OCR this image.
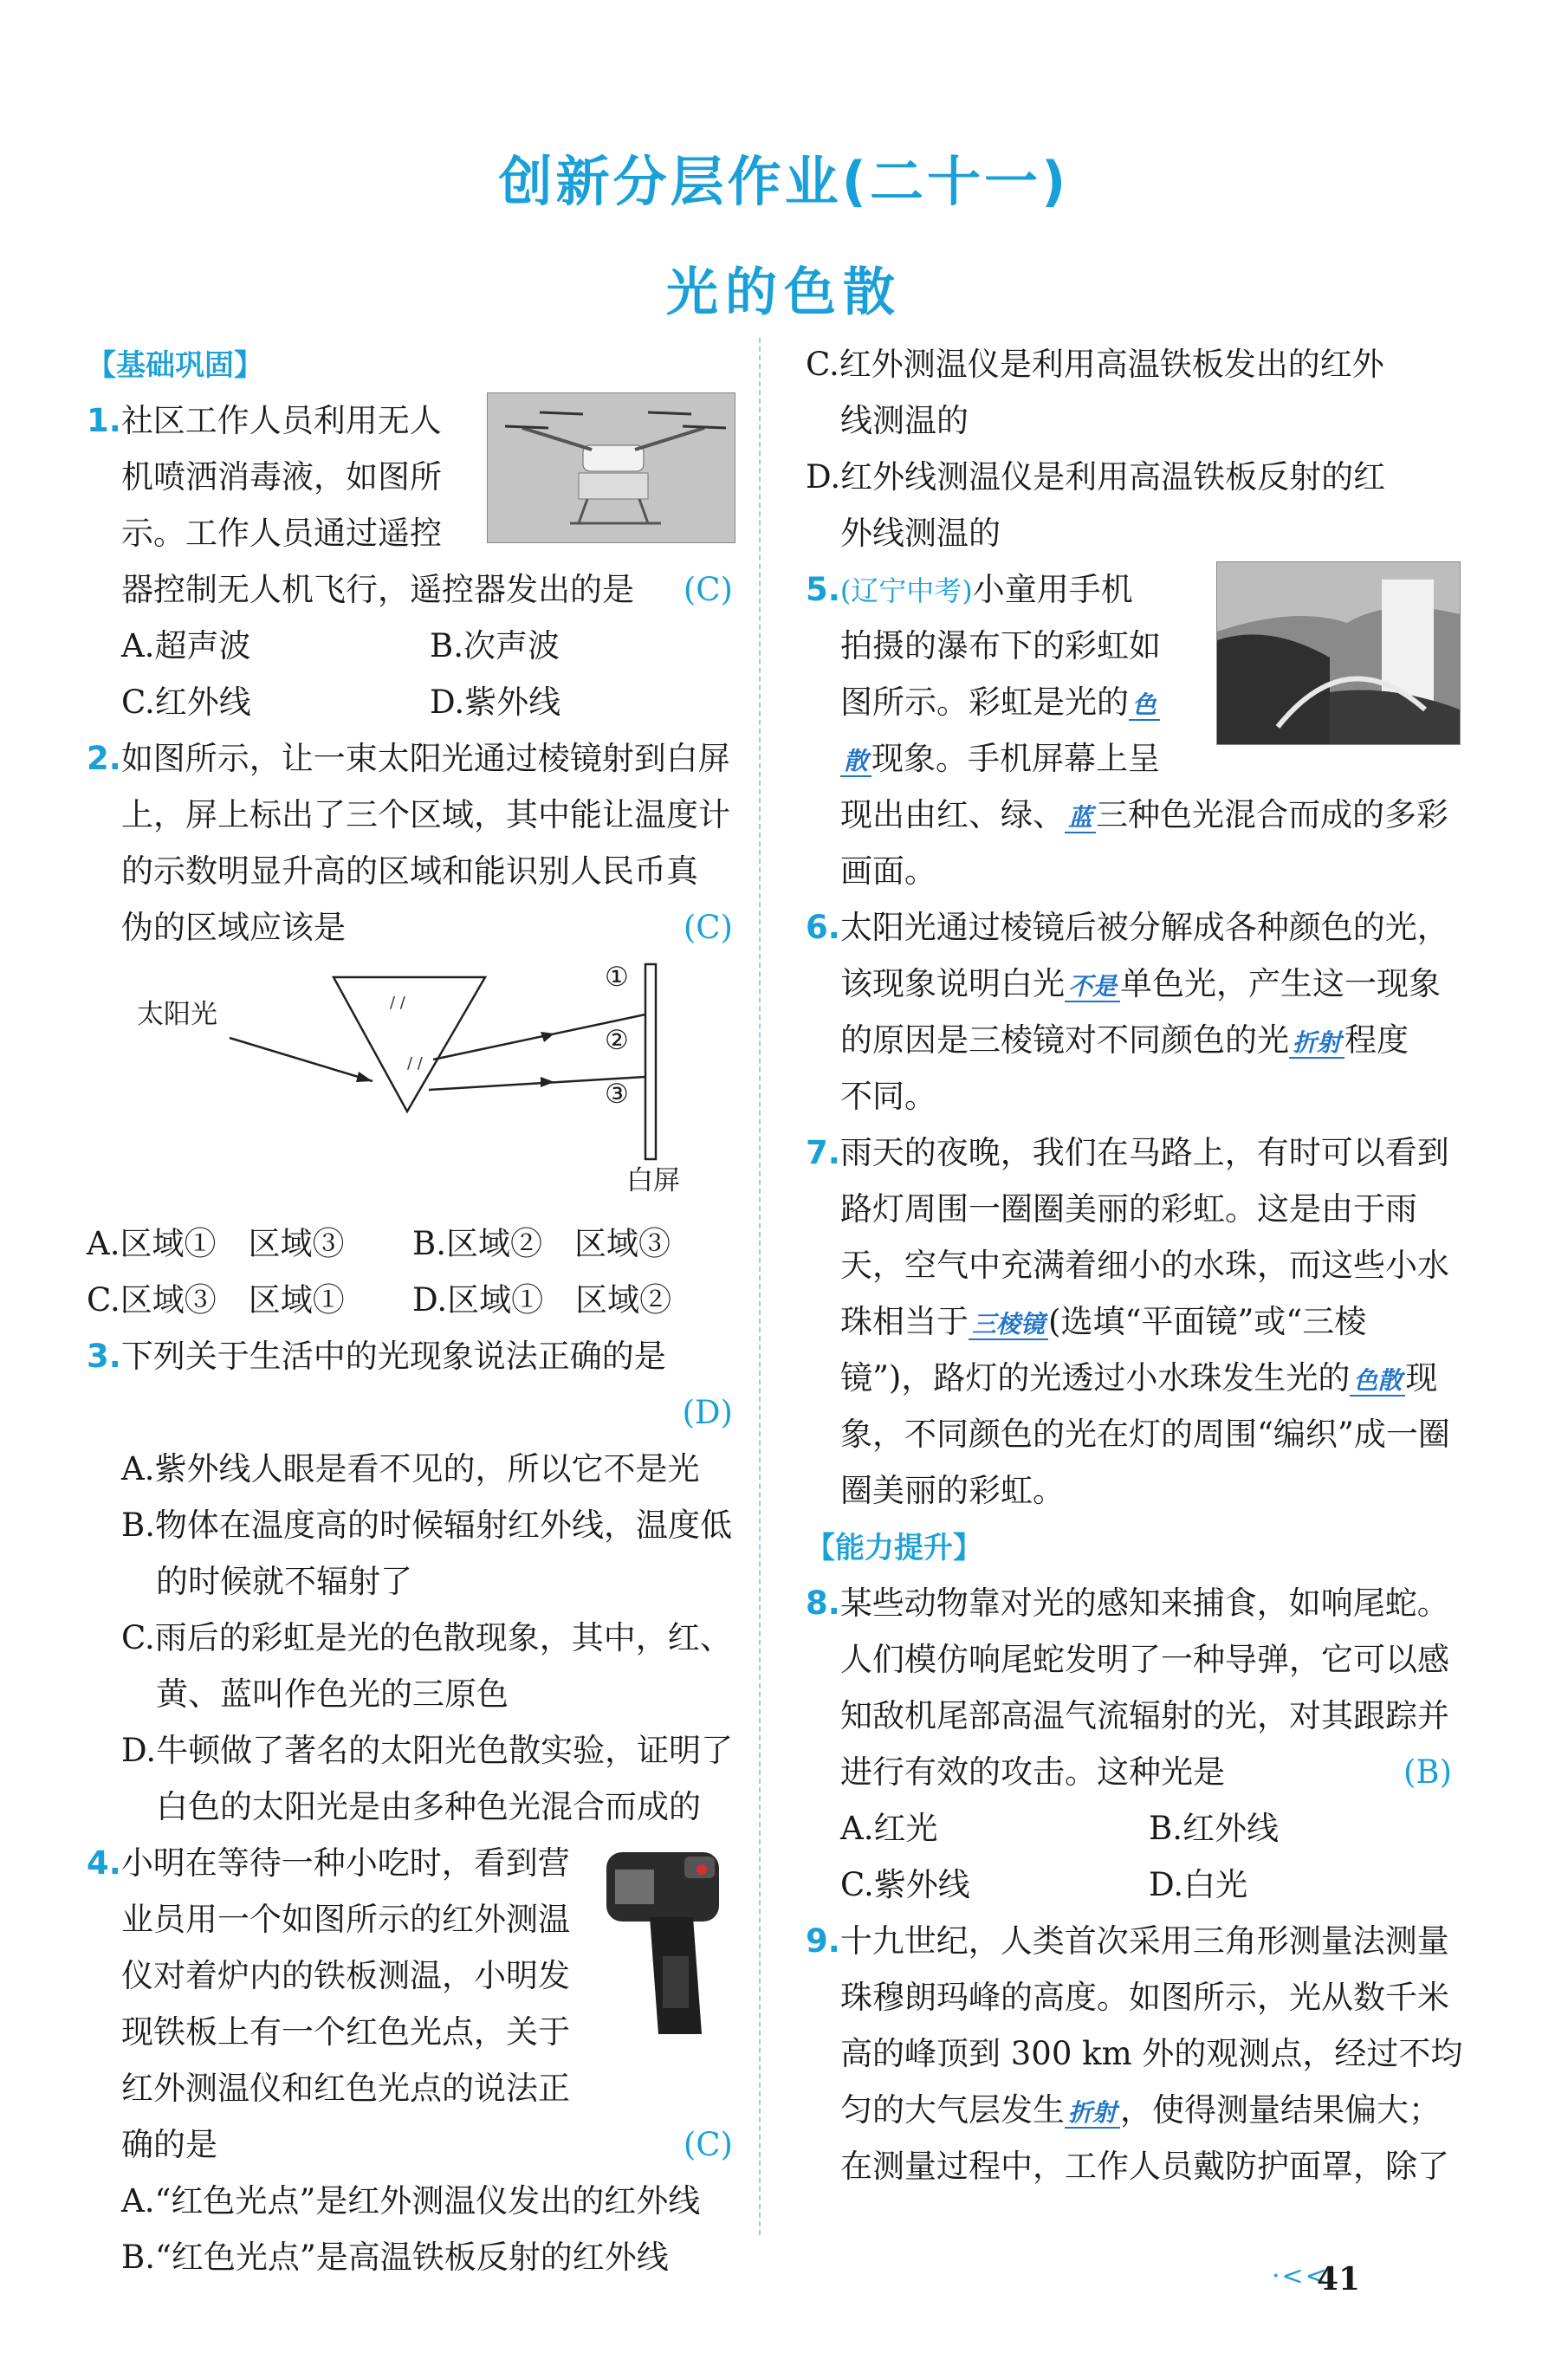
创新分层作业(二十一)
光的色散
【基础巩固】
1.社区工作人员利用无人
机喷洒消毒液，如图所
示。工作人员通过遥控
器控制无人机飞行，遥控器发出的是 (C)
A.超声波	B.次声波
C.红外线	D.紫外线
2.如图所示，让一束太阳光通过棱镜射到白屏
上，屏上标出了三个区域，其中能让温度计
的示数明显升高的区域和能识别人民币真
伪的区域应该是	(C)
/ /
/ /
太阳光
①
②
③
白屏
A.区域①　区域③	B.区域②　区域③
C.区域③　区域①	D.区域①　区域②
3.下列关于生活中的光现象说法正确的是
(D)
A.紫外线人眼是看不见的，所以它不是光
B.物体在温度高的时候辐射红外线，温度低
的时候就不辐射了
C.雨后的彩虹是光的色散现象，其中，红、
黄、蓝叫作色光的三原色
D.牛顿做了著名的太阳光色散实验，证明了
白色的太阳光是由多种色光混合而成的
4.小明在等待一种小吃时，看到营
业员用一个如图所示的红外测温
仪对着炉内的铁板测温，小明发
现铁板上有一个红色光点，关于
红外测温仪和红色光点的说法正
确的是	(C)
A.“红色光点”是红外测温仪发出的红外线
B.“红色光点”是高温铁板反射的红外线
C.红外测温仪是利用高温铁板发出的红外
线测温的
D.红外线测温仪是利用高温铁板反射的红
外线测温的
5.(辽宁中考)小童用手机
拍摄的瀑布下的彩虹如
图所示。彩虹是光的 色
散 现象。手机屏幕上呈
现出由红、绿、 蓝 三种色光混合而成的多彩
画面。
6.太阳光通过棱镜后被分解成各种颜色的光，
该现象说明白光 不是 单色光，产生这一现象
的原因是三棱镜对不同颜色的光 折射 程度
不同。
7.雨天的夜晚，我们在马路上，有时可以看到
路灯周围一圈圈美丽的彩虹。这是由于雨
天，空气中充满着细小的水珠，而这些小水
珠相当于 三棱镜 (选填“平面镜”或“三棱
镜”)，路灯的光透过小水珠发生光的 色散 现
象，不同颜色的光在灯的周围“编织”成一圈
圈美丽的彩虹。
【能力提升】
8.某些动物靠对光的感知来捕食，如响尾蛇。
人们模仿响尾蛇发明了一种导弹，它可以感
知敌机尾部高温气流辐射的光，对其跟踪并
进行有效的攻击。这种光是	(B)
A.红光	B.红外线
C.紫外线	D.白光
9.十九世纪，人类首次采用三角形测量法测量
珠穆朗玛峰的高度。如图所示，光从数千米
高的峰顶到 300 km 外的观测点，经过不均
匀的大气层发生 折射 ，使得测量结果偏大；
在测量过程中，工作人员戴防护面罩，除了
·<<
41
